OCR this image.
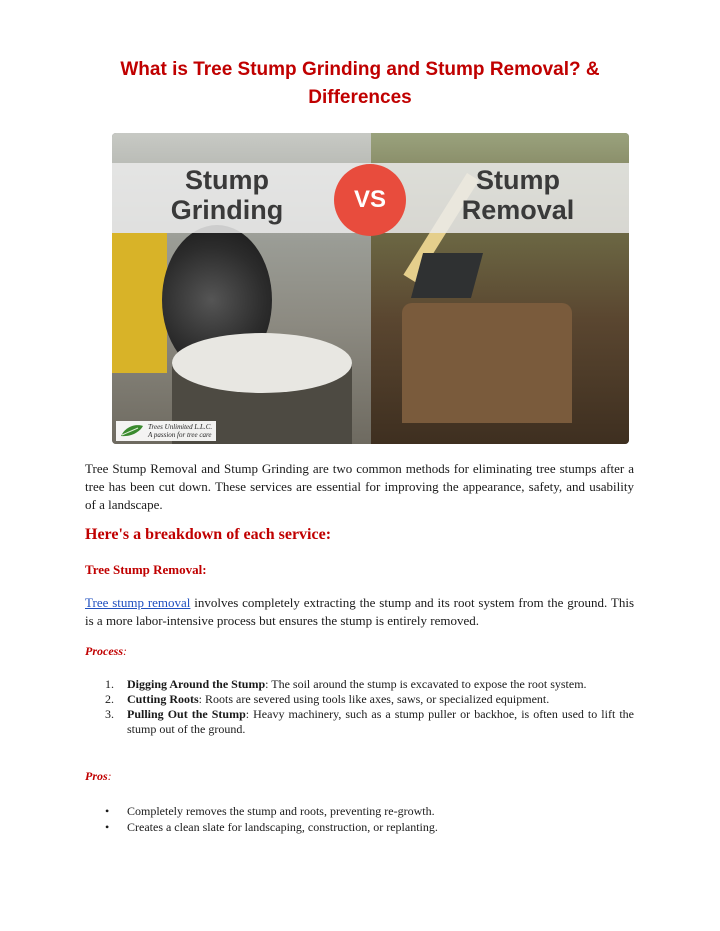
What is Tree Stump Grinding and Stump Removal? & Differences
Stump Grinding	VS
Stump Removal
Trees Unlimited L.L.C.
A passion for tree care

Tree Stump Removal and Stump Grinding are two common methods for eliminating tree stumps after a tree has been cut down. These services are essential for improving the appearance, safety, and usability of a landscape.

Here's a breakdown of each service:
Tree Stump Removal:

Tree stump removal involves completely extracting the stump and its root system from the ground. This is a more labor-intensive process but ensures the stump is entirely removed.

Process:

1. Digging Around the Stump: The soil around the stump is excavated to expose the root system.
2. Cutting Roots: Roots are severed using tools like axes, saws, or specialized equipment.
3. Pulling Out the Stump: Heavy machinery, such as a stump puller or backhoe, is often used to lift the stump out of the ground.

Pros:

• Completely removes the stump and roots, preventing re-growth.
• Creates a clean slate for landscaping, construction, or replanting.
